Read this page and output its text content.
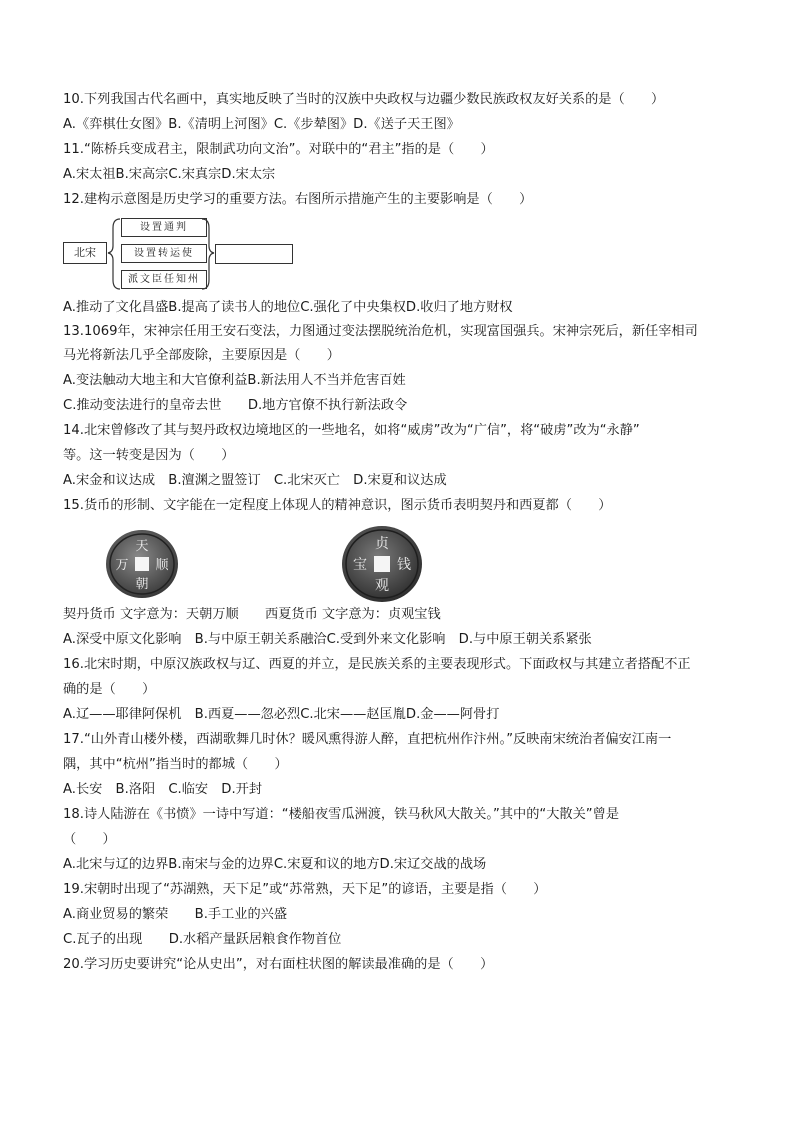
10.下列我国古代名画中，真实地反映了当时的汉族中央政权与边疆少数民族政权友好关系的是（　　）
A.《弈棋仕女图》B.《清明上河图》C.《步辇图》D.《送子天王图》
11.“陈桥兵变成君主，限制武功向文治”。对联中的“君主”指的是（　　）
A.宋太祖B.宋高宗C.宋真宗D.宋太宗
12.建构示意图是历史学习的重要方法。右图所示措施产生的主要影响是（　　）
北宋
设置通判
设置转运使
派文臣任知州
A.推动了文化昌盛B.提高了读书人的地位C.强化了中央集权D.收归了地方财权
13.1069年，宋神宗任用王安石变法，力图通过变法摆脱统治危机，实现富国强兵。宋神宗死后，新任宰相司
马光将新法几乎全部废除，主要原因是（　　）
A.变法触动大地主和大官僚利益B.新法用人不当并危害百姓
C.推动变法进行的皇帝去世　　D.地方官僚不执行新法政令
14.北宋曾修改了其与契丹政权边境地区的一些地名，如将“威虏”改为“广信”，将“破虏”改为“永静”
等。这一转变是因为（　　）
A.宋金和议达成　B.澶渊之盟签订　C.北宋灭亡　D.宋夏和议达成
15.货币的形制、文字能在一定程度上体现人的精神意识，图示货币表明契丹和西夏都（　　）
天
朝
万 顺
贞
观
宝 钱
契丹货币 文字意为：天朝万顺　　西夏货币 文字意为：贞观宝钱
A.深受中原文化影响　B.与中原王朝关系融洽C.受到外来文化影响　D.与中原王朝关系紧张
16.北宋时期，中原汉族政权与辽、西夏的并立，是民族关系的主要表现形式。下面政权与其建立者搭配不正
确的是（　　）
A.辽——耶律阿保机　B.西夏——忽必烈C.北宋——赵匡胤D.金——阿骨打
17.“山外青山楼外楼，西湖歌舞几时休？暖风熏得游人醉，直把杭州作汴州。”反映南宋统治者偏安江南一
隅，其中“杭州”指当时的都城（　　）
A.长安　B.洛阳　C.临安　D.开封
18.诗人陆游在《书愤》一诗中写道：“楼船夜雪瓜洲渡，铁马秋风大散关。”其中的“大散关”曾是
（　　）
A.北宋与辽的边界B.南宋与金的边界C.宋夏和议的地方D.宋辽交战的战场
19.宋朝时出现了“苏湖熟，天下足”或“苏常熟，天下足”的谚语，主要是指（　　）
A.商业贸易的繁荣　　B.手工业的兴盛
C.瓦子的出现　　D.水稻产量跃居粮食作物首位
20.学习历史要讲究“论从史出”，对右面柱状图的解读最准确的是（　　）
